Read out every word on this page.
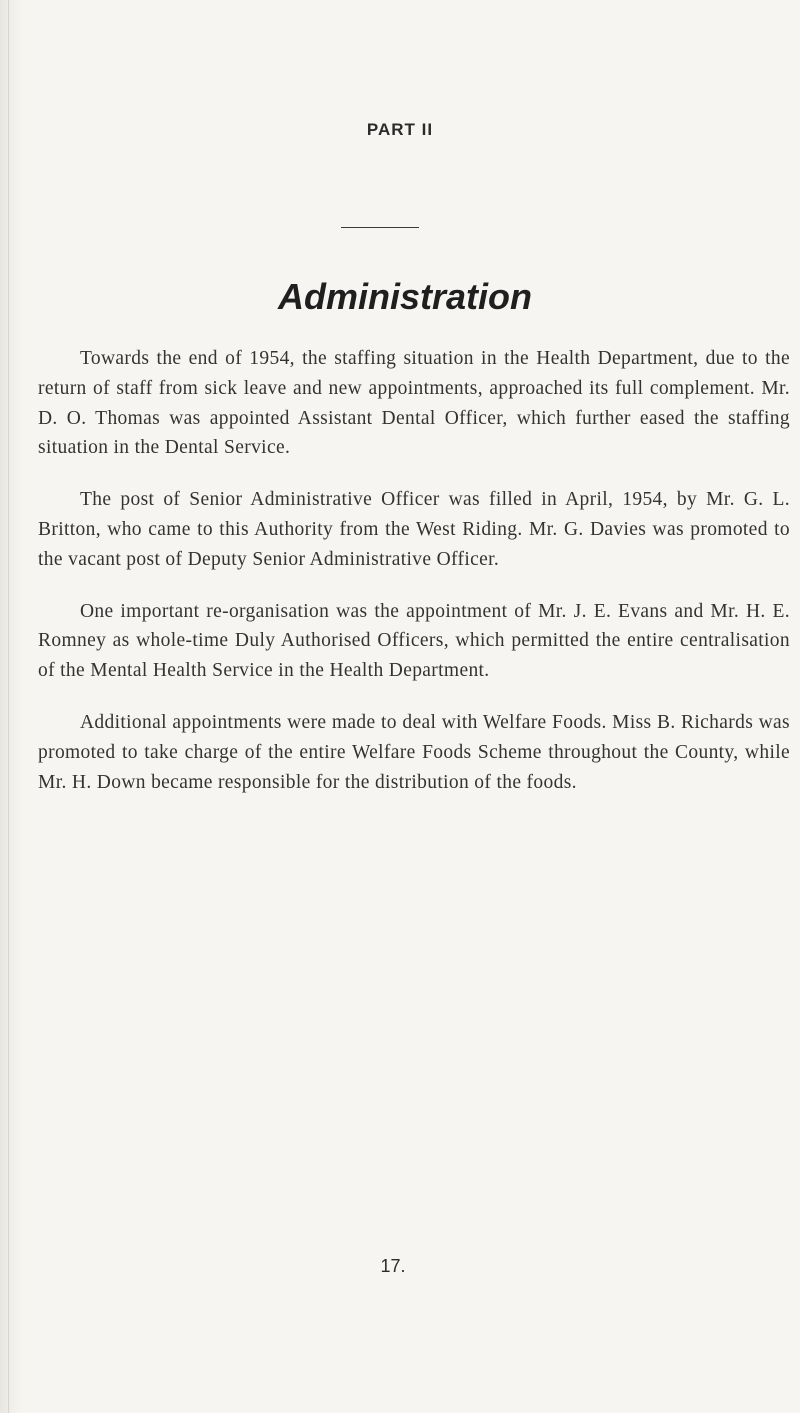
PART II
Administration

Towards the end of 1954, the staffing situation in the Health Department, due to the return of staff from sick leave and new appointments, approached its full complement. Mr. D. O. Thomas was appointed Assistant Dental Officer, which further eased the staffing situation in the Dental Service.

The post of Senior Administrative Officer was filled in April, 1954, by Mr. G. L. Britton, who came to this Authority from the West Riding. Mr. G. Davies was promoted to the vacant post of Deputy Senior Administrative Officer.

One important re-organisation was the appointment of Mr. J. E. Evans and Mr. H. E. Romney as whole-time Duly Authorised Officers, which permitted the entire centralisation of the Mental Health Service in the Health Department.

Additional appointments were made to deal with Welfare Foods. Miss B. Richards was promoted to take charge of the entire Welfare Foods Scheme throughout the County, while Mr. H. Down became responsible for the distribution of the foods.

17.
